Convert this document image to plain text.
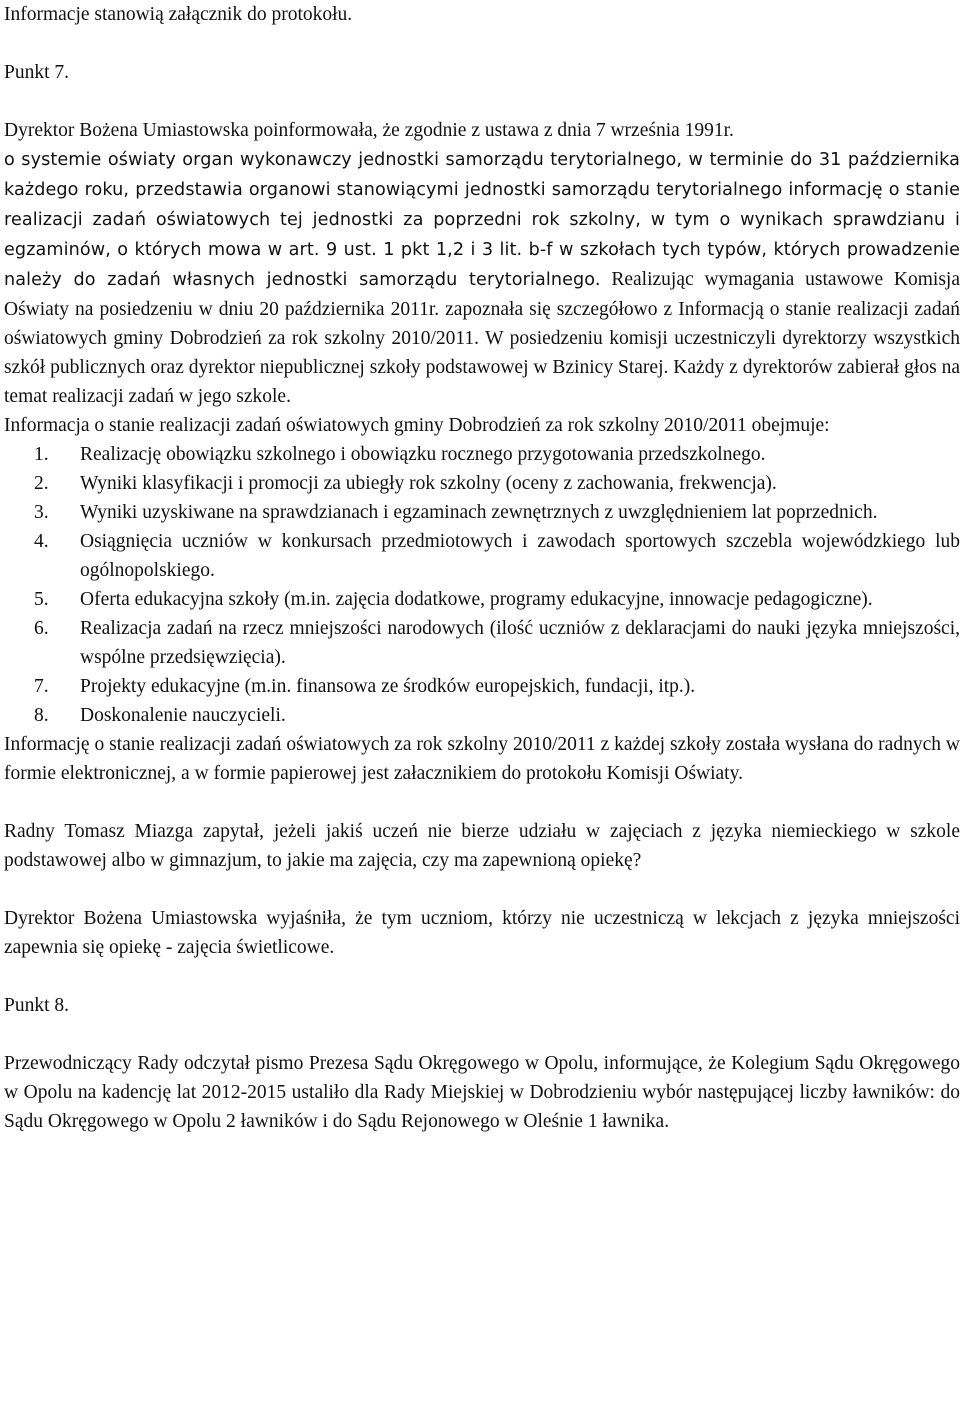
Informacje stanowią załącznik do protokołu.

Punkt 7.

Dyrektor Bożena Umiastowska poinformowała, że zgodnie z ustawa z dnia 7 września 1991r.

o systemie oświaty organ wykonawczy jednostki samorządu terytorialnego, w terminie do 31 października każdego roku, przedstawia organowi stanowiącymi jednostki samorządu terytorialnego informację o stanie realizacji zadań oświatowych tej jednostki za poprzedni rok szkolny, w tym o wynikach sprawdzianu i egzaminów, o których mowa w art. 9 ust. 1 pkt 1,2 i 3 lit. b-f w szkołach tych typów, których prowadzenie należy do zadań własnych jednostki samorządu terytorialnego. Realizując wymagania ustawowe Komisja Oświaty na posiedzeniu w dniu 20 października 2011r. zapoznała się szczegółowo z Informacją o stanie realizacji zadań oświatowych gminy Dobrodzień za rok szkolny 2010/2011. W posiedzeniu komisji uczestniczyli dyrektorzy wszystkich szkół publicznych oraz dyrektor niepublicznej szkoły podstawowej w Bzinicy Starej. Każdy z dyrektorów zabierał głos na temat realizacji zadań w jego szkole.

Informacja o stanie realizacji zadań oświatowych gminy Dobrodzień za rok szkolny 2010/2011 obejmuje:

1. Realizację obowiązku szkolnego i obowiązku rocznego przygotowania przedszkolnego.
2. Wyniki klasyfikacji i promocji za ubiegły rok szkolny (oceny z zachowania, frekwencja).
3. Wyniki uzyskiwane na sprawdzianach i egzaminach zewnętrznych z uwzględnieniem lat poprzednich.
4. Osiągnięcia uczniów w konkursach przedmiotowych i zawodach sportowych szczebla wojewódzkiego lub ogólnopolskiego.
5. Oferta edukacyjna szkoły (m.in. zajęcia dodatkowe, programy edukacyjne, innowacje pedagogiczne).
6. Realizacja zadań na rzecz mniejszości narodowych (ilość uczniów z deklaracjami do nauki języka mniejszości, wspólne przedsięwzięcia).
7. Projekty edukacyjne (m.in. finansowa ze środków europejskich, fundacji, itp.).
8. Doskonalenie nauczycieli.

Informację o stanie realizacji zadań oświatowych za rok szkolny 2010/2011 z każdej szkoły została wysłana do radnych w formie elektronicznej, a w formie papierowej jest załacznikiem do protokołu Komisji Oświaty.

Radny Tomasz Miazga zapytał, jeżeli jakiś uczeń nie bierze udziału w zajęciach z języka niemieckiego w szkole podstawowej albo w gimnazjum, to jakie ma zajęcia, czy ma zapewnioną opiekę?

Dyrektor Bożena Umiastowska wyjaśniła, że tym uczniom, którzy nie uczestniczą w lekcjach z języka mniejszości zapewnia się opiekę - zajęcia świetlicowe.

Punkt 8.

Przewodniczący Rady odczytał pismo Prezesa Sądu Okręgowego w Opolu, informujące, że Kolegium Sądu Okręgowego w Opolu na kadencję lat 2012-2015 ustaliło dla Rady Miejskiej w Dobrodzieniu wybór następującej liczby ławników: do Sądu Okręgowego w Opolu 2 ławników i do Sądu Rejonowego w Oleśnie 1 ławnika.
